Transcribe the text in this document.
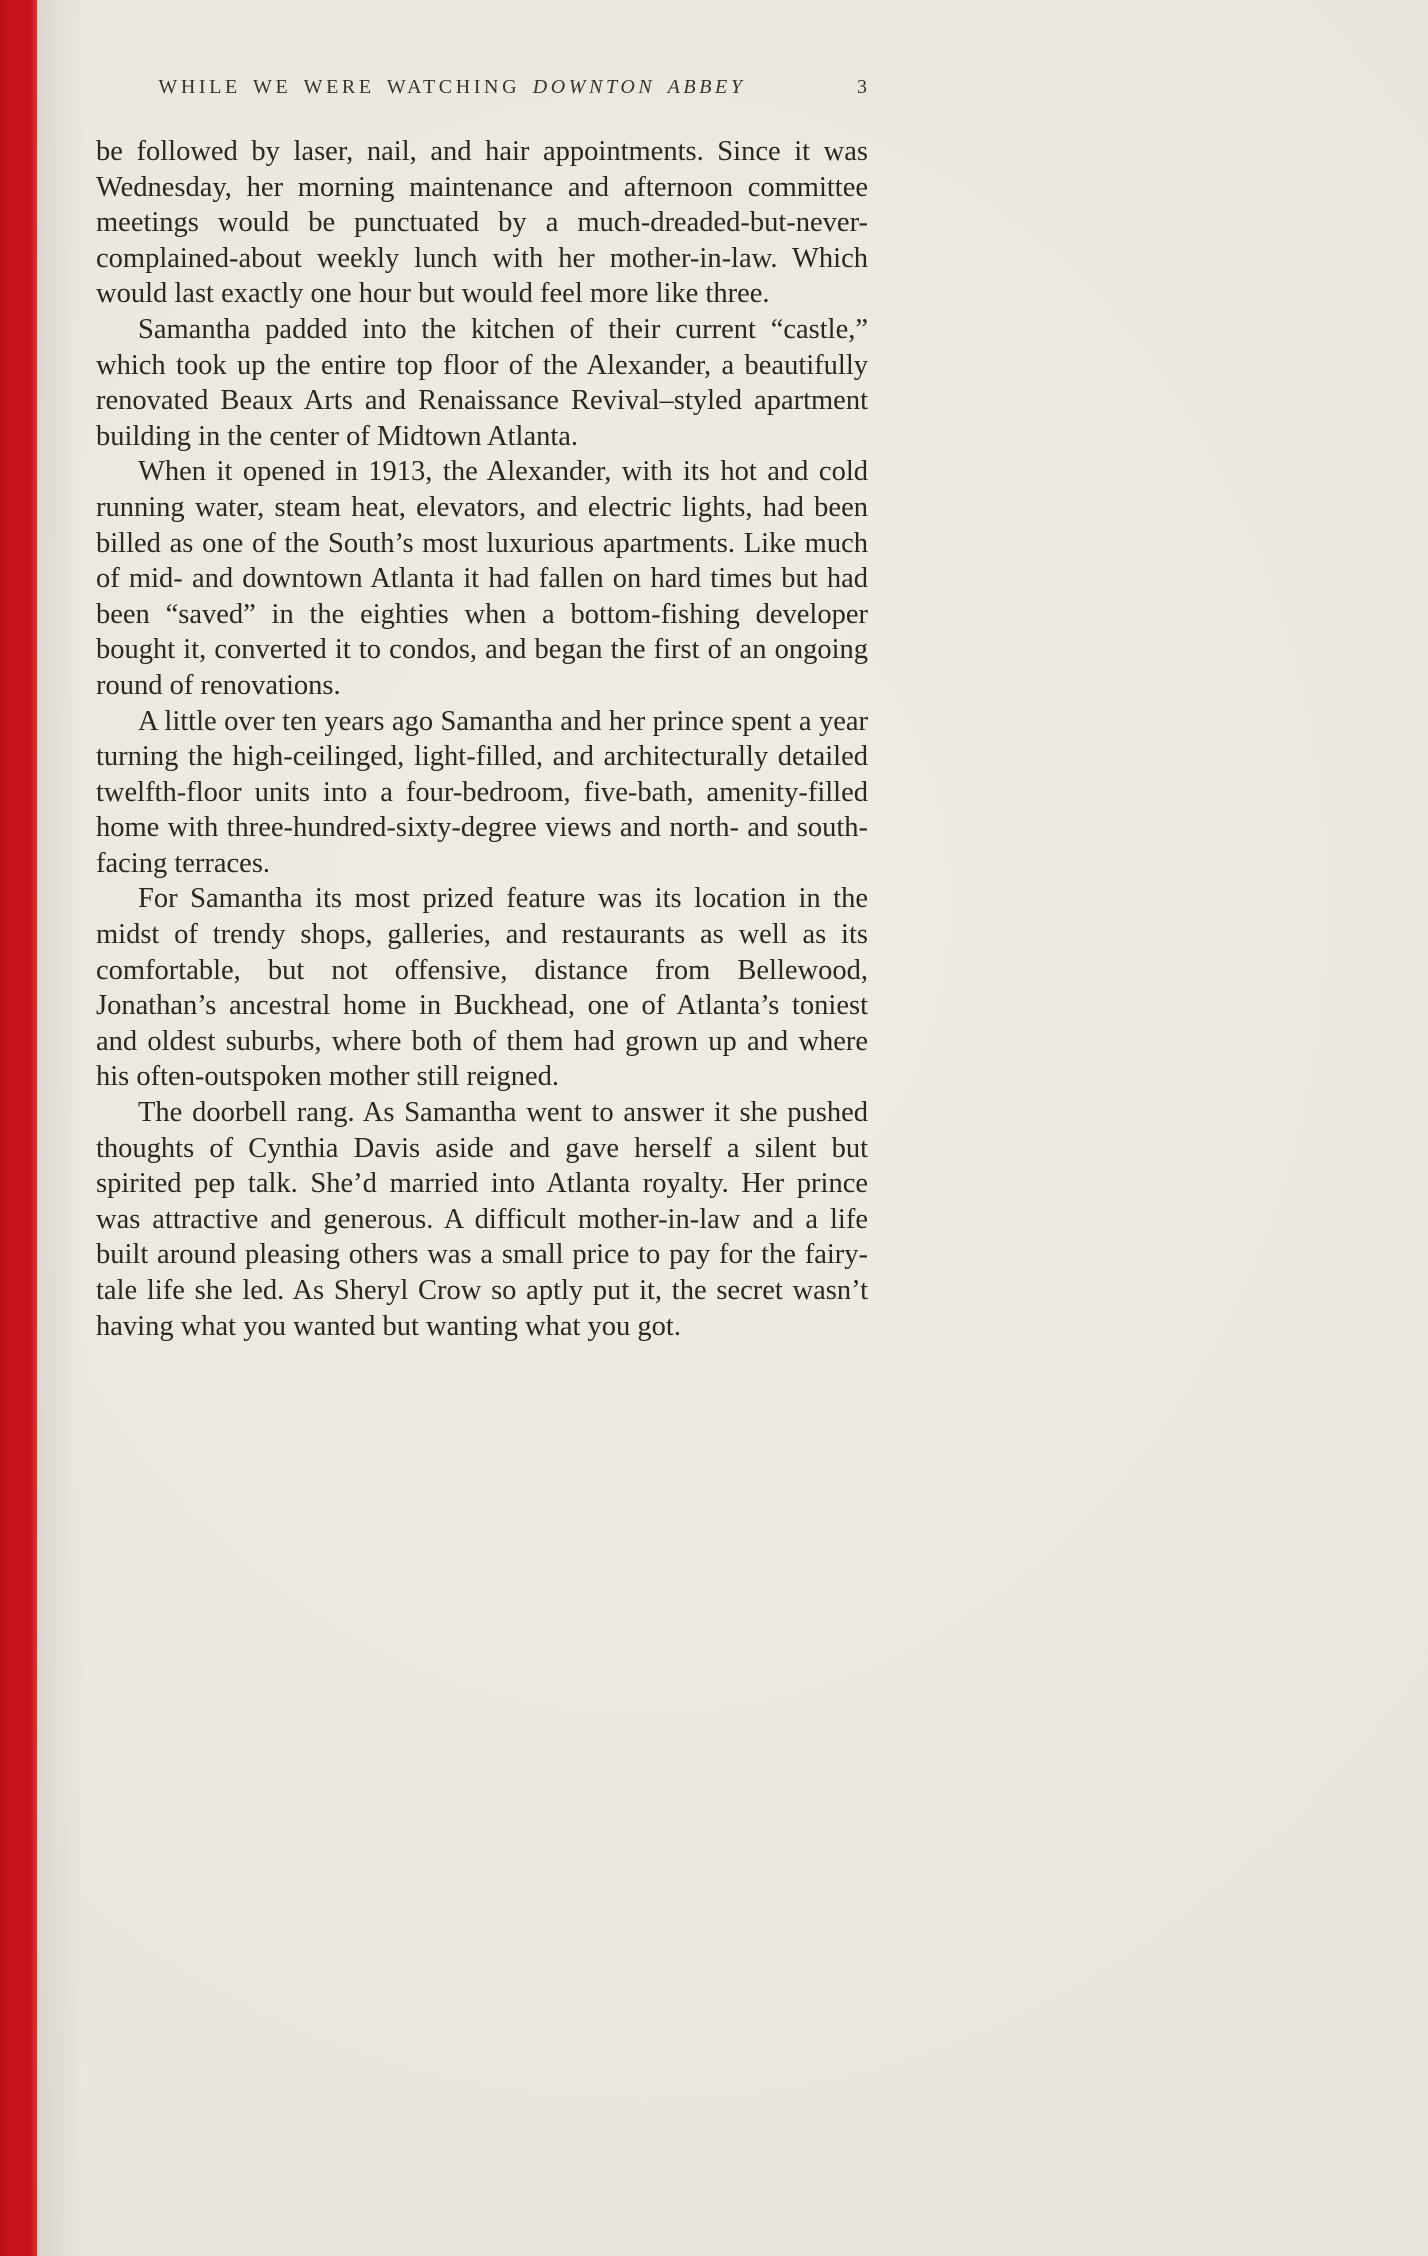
WHILE WE WERE WATCHING DOWNTON ABBEY	3

be followed by laser, nail, and hair appointments. Since it was Wednesday, her morning maintenance and afternoon committee meetings would be punctuated by a much-dreaded-but-never-complained-about weekly lunch with her mother-in-law. Which would last exactly one hour but would feel more like three.

Samantha padded into the kitchen of their current “castle,” which took up the entire top floor of the Alexander, a beautifully renovated Beaux Arts and Renaissance Revival–styled apartment building in the center of Midtown Atlanta.

When it opened in 1913, the Alexander, with its hot and cold running water, steam heat, elevators, and electric lights, had been billed as one of the South’s most luxurious apartments. Like much of mid- and downtown Atlanta it had fallen on hard times but had been “saved” in the eighties when a bottom-fishing developer bought it, converted it to condos, and began the first of an ongoing round of renovations.

A little over ten years ago Samantha and her prince spent a year turning the high-ceilinged, light-filled, and architecturally detailed twelfth-floor units into a four-bedroom, five-bath, amenity-filled home with three-hundred-sixty-degree views and north- and south-facing terraces.

For Samantha its most prized feature was its location in the midst of trendy shops, galleries, and restaurants as well as its comfortable, but not offensive, distance from Bellewood, Jonathan’s ancestral home in Buckhead, one of Atlanta’s toniest and oldest suburbs, where both of them had grown up and where his often-outspoken mother still reigned.

The doorbell rang. As Samantha went to answer it she pushed thoughts of Cynthia Davis aside and gave herself a silent but spirited pep talk. She’d married into Atlanta royalty. Her prince was attractive and generous. A difficult mother-in-law and a life built around pleasing others was a small price to pay for the fairy-tale life she led. As Sheryl Crow so aptly put it, the secret wasn’t having what you wanted but wanting what you got.
